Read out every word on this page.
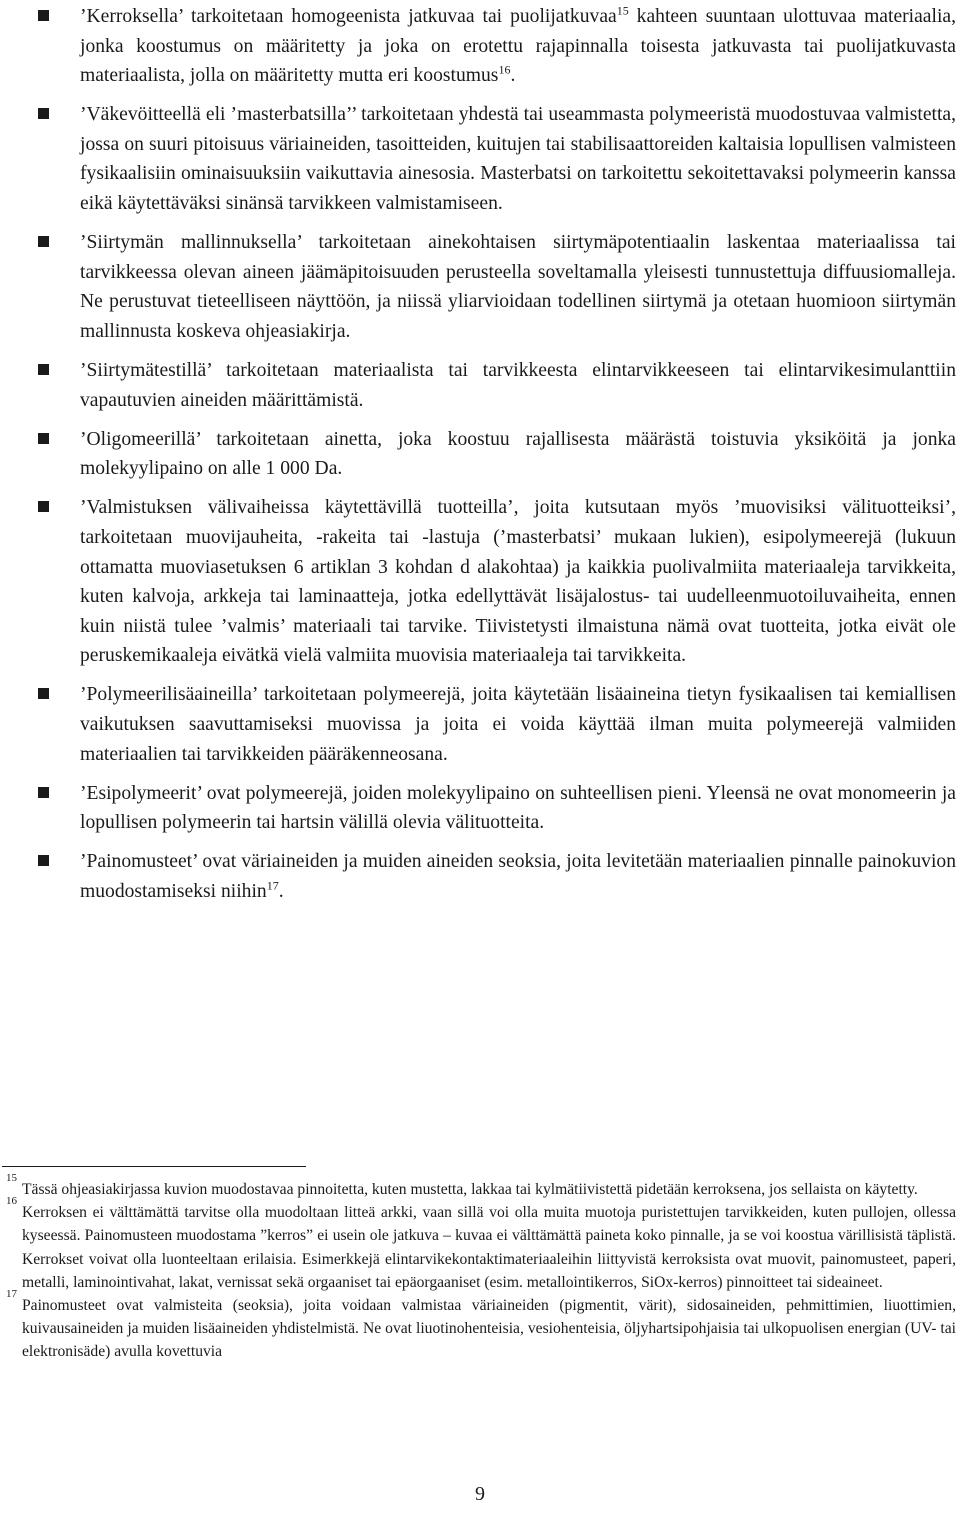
’Kerroksella’ tarkoitetaan homogeenista jatkuvaa tai puolijatkuvaa$^{15}$ kahteen suuntaan ulottuvaa materiaalia, jonka koostumus on määritetty ja joka on erotettu rajapinnalla toisesta jatkuvasta tai puolijatkuvasta materiaalista, jolla on määritetty mutta eri koostumus$^{16}$.

’Väkevöitteellä eli ’masterbatsilla’’ tarkoitetaan yhdestä tai useammasta polymeeristä muodostuvaa valmistetta, jossa on suuri pitoisuus väriaineiden, tasoitteiden, kuitujen tai stabilisaattoreiden kaltaisia lopullisen valmisteen fysikaalisiin ominaisuuksiin vaikuttavia ainesosia. Masterbatsi on tarkoitettu sekoitettavaksi polymeerin kanssa eikä käytettäväksi sinänsä tarvikkeen valmistamiseen.

’Siirtymän mallinnuksella’ tarkoitetaan ainekohtaisen siirtymäpotentiaalin laskentaa materiaalissa tai tarvikkeessa olevan aineen jäämäpitoisuuden perusteella soveltamalla yleisesti tunnustettuja diffuusiomalleja. Ne perustuvat tieteelliseen näyttöön, ja niissä yliarvioidaan todellinen siirtymä ja otetaan huomioon siirtymän mallinnusta koskeva ohjeasiakirja.

’Siirtymätestillä’ tarkoitetaan materiaalista tai tarvikkeesta elintarvikkeeseen tai elintarvikesimulanttiin vapautuvien aineiden määrittämistä.

’Oligomeerillä’ tarkoitetaan ainetta, joka koostuu rajallisesta määrästä toistuvia yksiköitä ja jonka molekyylipaino on alle 1 000 Da.

’Valmistuksen välivaiheissa käytettävillä tuotteilla’, joita kutsutaan myös ’muovisiksi välituotteiksi’, tarkoitetaan muovijauheita, -rakeita tai -lastuja (’masterbatsi’ mukaan lukien), esipolymeerejä (lukuun ottamatta muoviasetuksen 6 artiklan 3 kohdan d alakohtaa) ja kaikkia puolivalmiita materiaaleja tarvikkeita, kuten kalvoja, arkkeja tai laminaatteja, jotka edellyttävät lisäjalostus- tai uudelleenmuotoiluvaiheita, ennen kuin niistä tulee ’valmis’ materiaali tai tarvike. Tiivistetysti ilmaistuna nämä ovat tuotteita, jotka eivät ole peruskemikaaleja eivätkä vielä valmiita muovisia materiaaleja tai tarvikkeita.

’Polymeerilisäaineilla’ tarkoitetaan polymeerejä, joita käytetään lisäaineina tietyn fysikaalisen tai kemiallisen vaikutuksen saavuttamiseksi muovissa ja joita ei voida käyttää ilman muita polymeerejä valmiiden materiaalien tai tarvikkeiden pääräkenneosana.

’Esipolymeerit’ ovat polymeerejä, joiden molekyylipaino on suhteellisen pieni. Yleensä ne ovat monomeerin ja lopullisen polymeerin tai hartsin välillä olevia välituotteita.

’Painomusteet’ ovat väriaineiden ja muiden aineiden seoksia, joita levitetään materiaalien pinnalle painokuvion muodostamiseksi niihin$^{17}$.

15

Tässä ohjeasiakirjassa kuvion muodostavaa pinnoitetta, kuten mustetta, lakkaa tai kylmätiivistettä pidetään kerroksena, jos sellaista on käytetty.

16

Kerroksen ei välttämättä tarvitse olla muodoltaan litteä arkki, vaan sillä voi olla muita muotoja puristettujen tarvikkeiden, kuten pullojen, ollessa kyseessä. Painomusteen muodostama ”kerros” ei usein ole jatkuva – kuvaa ei välttämättä paineta koko pinnalle, ja se voi koostua värillisistä täplistä. Kerrokset voivat olla luonteeltaan erilaisia. Esimerkkejä elintarvikekontaktimateriaaleihin liittyvistä kerroksista ovat muovit, painomusteet, paperi, metalli, laminointivahat, lakat, vernissat sekä orgaaniset tai epäorgaaniset (esim. metallointikerros, SiOx-kerros) pinnoitteet tai sideaineet.

17

Painomusteet ovat valmisteita (seoksia), joita voidaan valmistaa väriaineiden (pigmentit, värit), sidosaineiden, pehmittimien, liuottimien, kuivausaineiden ja muiden lisäaineiden yhdistelmistä. Ne ovat liuotinohenteisia, vesiohenteisia, öljyhartsipohjaisia tai ulkopuolisen energian (UV- tai elektronisäde) avulla kovettuvia

9
